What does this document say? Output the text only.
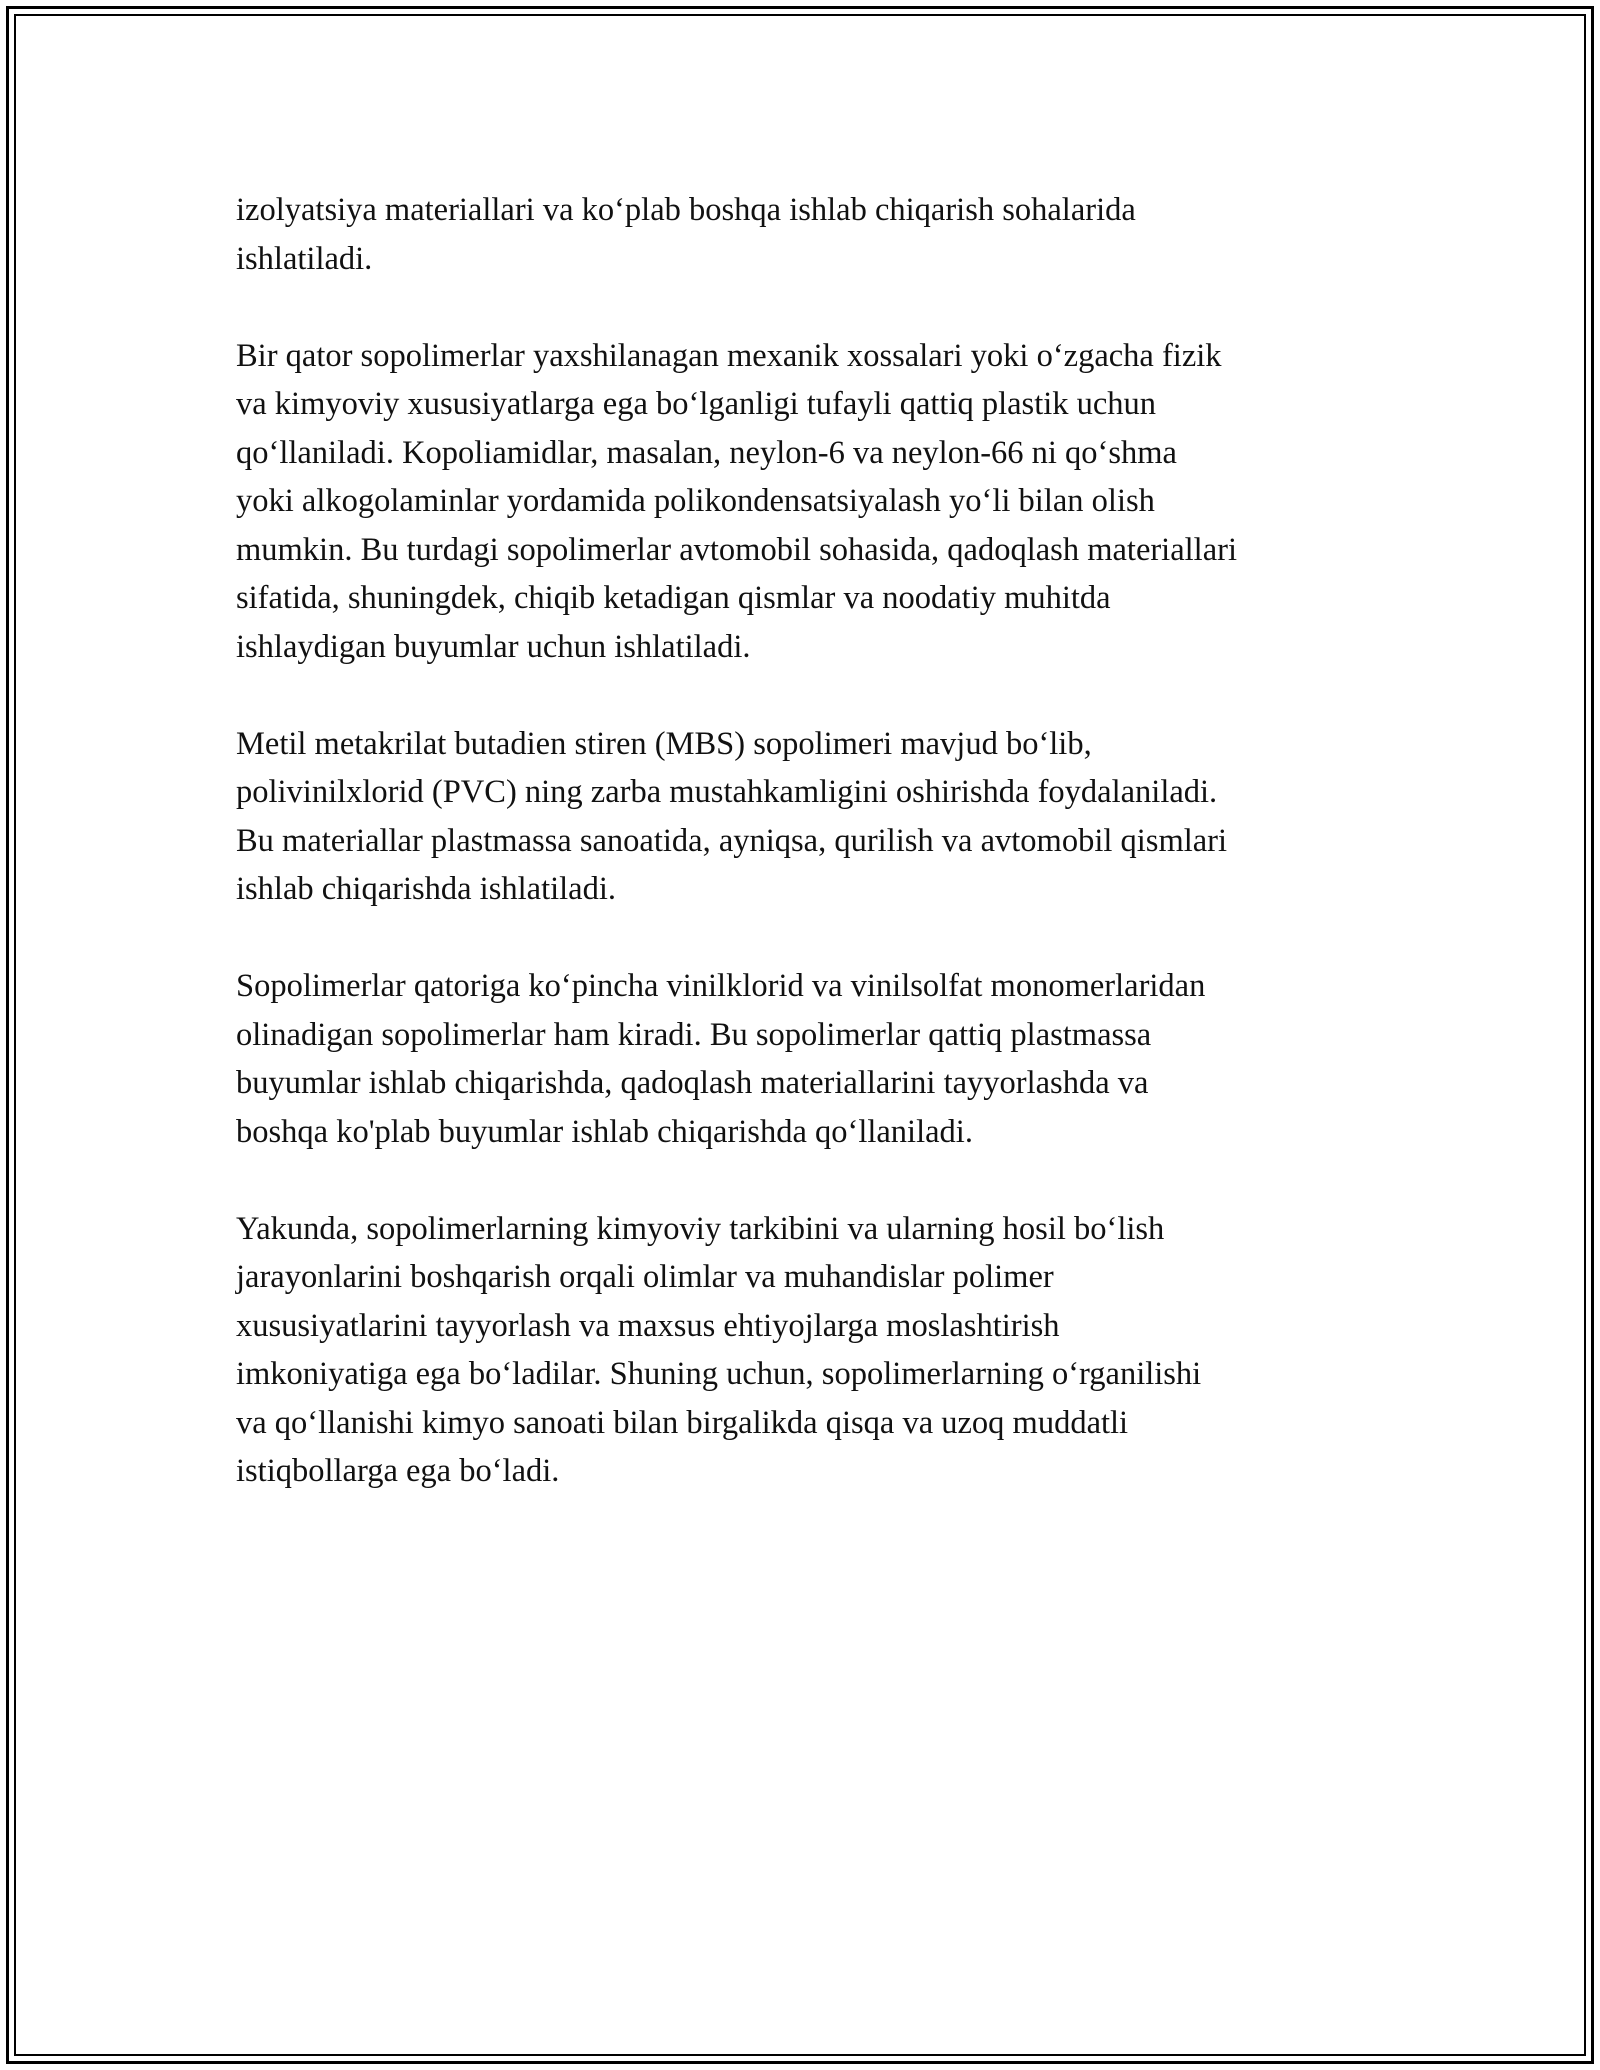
izolyatsiya materiallari va ko‘plab boshqa ishlab chiqarish sohalarida
ishlatiladi.

Bir qator sopolimerlar yaxshilanagan mexanik xossalari yoki o‘zgacha fizik
va kimyoviy xususiyatlarga ega bo‘lganligi tufayli qattiq plastik uchun
qo‘llaniladi. Kopoliamidlar, masalan, neylon-6 va neylon-66 ni qo‘shma
yoki alkogolaminlar yordamida polikondensatsiyalash yo‘li bilan olish
mumkin. Bu turdagi sopolimerlar avtomobil sohasida, qadoqlash materiallari
sifatida, shuningdek, chiqib ketadigan qismlar va noodatiy muhitda
ishlaydigan buyumlar uchun ishlatiladi.

Metil metakrilat butadien stiren (MBS) sopolimeri mavjud bo‘lib,
polivinilxlorid (PVC) ning zarba mustahkamligini oshirishda foydalaniladi.
Bu materiallar plastmassa sanoatida, ayniqsa, qurilish va avtomobil qismlari
ishlab chiqarishda ishlatiladi.

Sopolimerlar qatoriga ko‘pincha vinilklorid va vinilsolfat monomerlaridan
olinadigan sopolimerlar ham kiradi. Bu sopolimerlar qattiq plastmassa
buyumlar ishlab chiqarishda, qadoqlash materiallarini tayyorlashda va
boshqa ko'plab buyumlar ishlab chiqarishda qo‘llaniladi.

Yakunda, sopolimerlarning kimyoviy tarkibini va ularning hosil bo‘lish
jarayonlarini boshqarish orqali olimlar va muhandislar polimer
xususiyatlarini tayyorlash va maxsus ehtiyojlarga moslashtirish
imkoniyatiga ega bo‘ladilar. Shuning uchun, sopolimerlarning o‘rganilishi
va qo‘llanishi kimyo sanoati bilan birgalikda qisqa va uzoq muddatli
istiqbollarga ega bo‘ladi.
